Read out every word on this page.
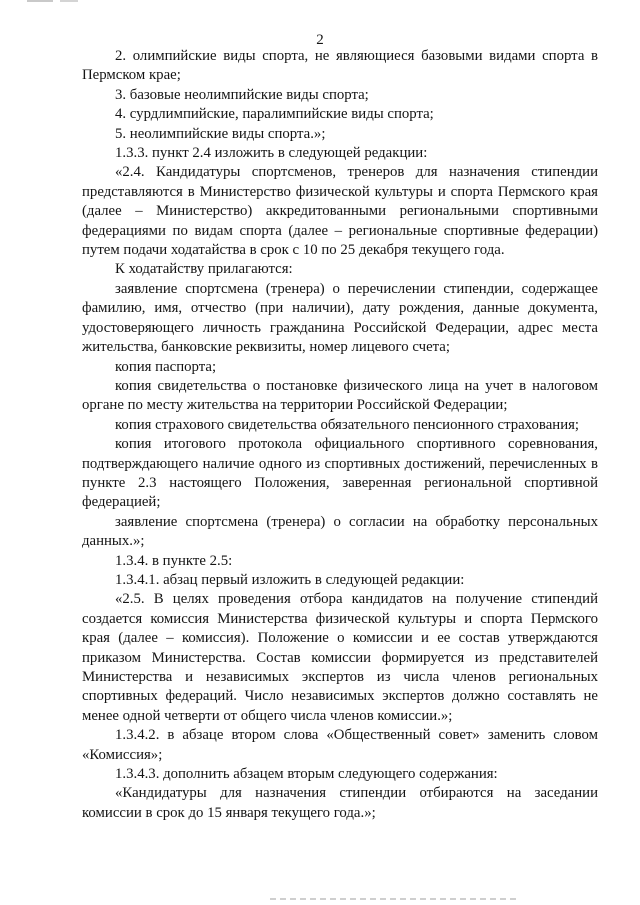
2

2. олимпийские виды спорта, не являющиеся базовыми видами спорта в Пермском крае;

3. базовые неолимпийские виды спорта;

4. сурдлимпийские, паралимпийские виды спорта;

5. неолимпийские виды спорта.»;

1.3.3. пункт 2.4 изложить в следующей редакции:

«2.4. Кандидатуры спортсменов, тренеров для назначения стипендии представляются в Министерство физической культуры и спорта Пермского края (далее – Министерство) аккредитованными региональными спортивными федерациями по видам спорта (далее – региональные спортивные федерации) путем подачи ходатайства в срок с 10 по 25 декабря текущего года.

К ходатайству прилагаются:

заявление спортсмена (тренера) о перечислении стипендии, содержащее фамилию, имя, отчество (при наличии), дату рождения, данные документа, удостоверяющего личность гражданина Российской Федерации, адрес места жительства, банковские реквизиты, номер лицевого счета;

копия паспорта;

копия свидетельства о постановке физического лица на учет в налоговом органе по месту жительства на территории Российской Федерации;

копия страхового свидетельства обязательного пенсионного страхования;

копия итогового протокола официального спортивного соревнования, подтверждающего наличие одного из спортивных достижений, перечисленных в пункте 2.3 настоящего Положения, заверенная региональной спортивной федерацией;

заявление спортсмена (тренера) о согласии на обработку персональных данных.»;

1.3.4. в пункте 2.5:

1.3.4.1. абзац первый изложить в следующей редакции:

«2.5. В целях проведения отбора кандидатов на получение стипендий создается комиссия Министерства физической культуры и спорта Пермского края (далее – комиссия). Положение о комиссии и ее состав утверждаются приказом Министерства. Состав комиссии формируется из представителей Министерства и независимых экспертов из числа членов региональных спортивных федераций. Число независимых экспертов должно составлять не менее одной четверти от общего числа членов комиссии.»;

1.3.4.2. в абзаце втором слова «Общественный совет» заменить словом «Комиссия»;

1.3.4.3. дополнить абзацем вторым следующего содержания:

«Кандидатуры для назначения стипендии отбираются на заседании комиссии в срок до 15 января текущего года.»;
